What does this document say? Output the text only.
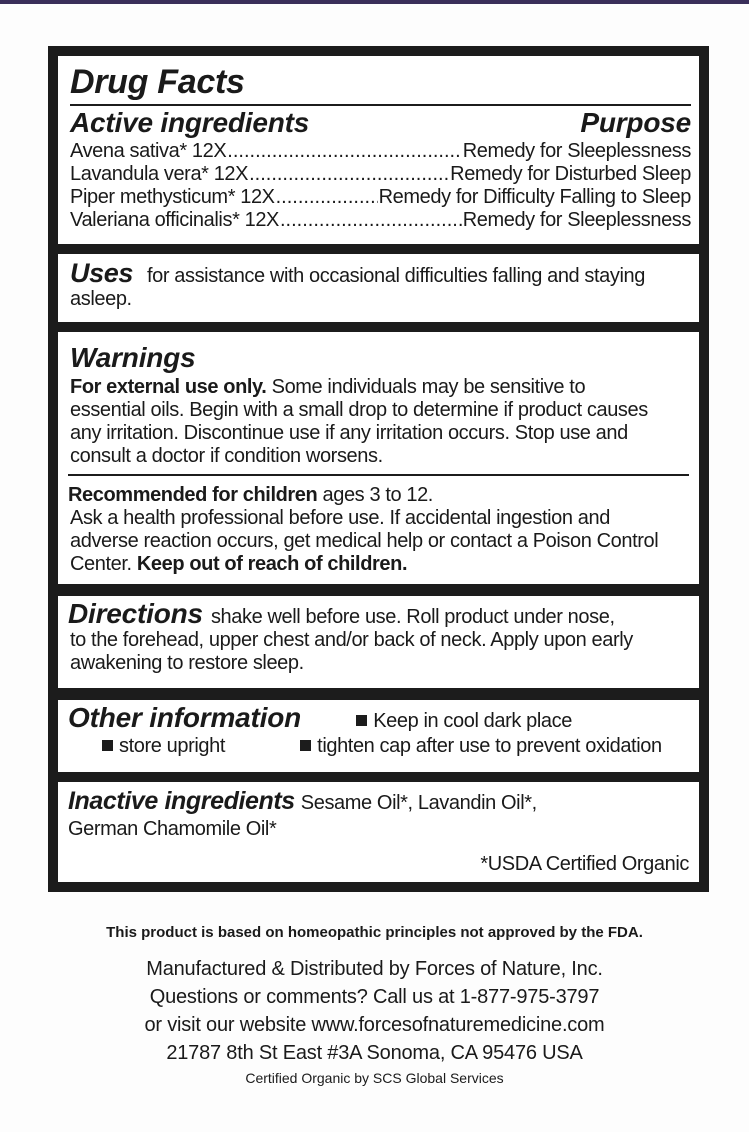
Drug Facts
Active ingredients	Purpose
Avena sativa* 12X .....	Remedy for Sleeplessness
Lavandula vera* 12X .....	Remedy for Disturbed Sleep
Piper methysticum* 12X .....	Remedy for Difficulty Falling to Sleep
Valeriana officinalis* 12X .....	Remedy for Sleeplessness
Uses for assistance with occasional difficulties falling and staying
asleep.
Warnings
For external use only. Some individuals may be sensitive to
essential oils. Begin with a small drop to determine if product causes
any irritation. Discontinue use if any irritation occurs. Stop use and
consult a doctor if condition worsens.
Recommended for children ages 3 to 12.
Ask a health professional before use. If accidental ingestion and
adverse reaction occurs, get medical help or contact a Poison Control
Center. Keep out of reach of children.
Directions shake well before use. Roll product under nose,
to the forehead, upper chest and/or back of neck. Apply upon early
awakening to restore sleep.
Other information	Keep in cool dark place
store upright	tighten cap after use to prevent oxidation
Inactive ingredients Sesame Oil*, Lavandin Oil*,
German Chamomile Oil*
*USDA Certified Organic
This product is based on homeopathic principles not approved by the FDA.
Manufactured & Distributed by Forces of Nature, Inc.
Questions or comments? Call us at 1-877-975-3797
or visit our website www.forcesofnaturemedicine.com
21787 8th St East #3A Sonoma, CA 95476 USA
Certified Organic by SCS Global Services
